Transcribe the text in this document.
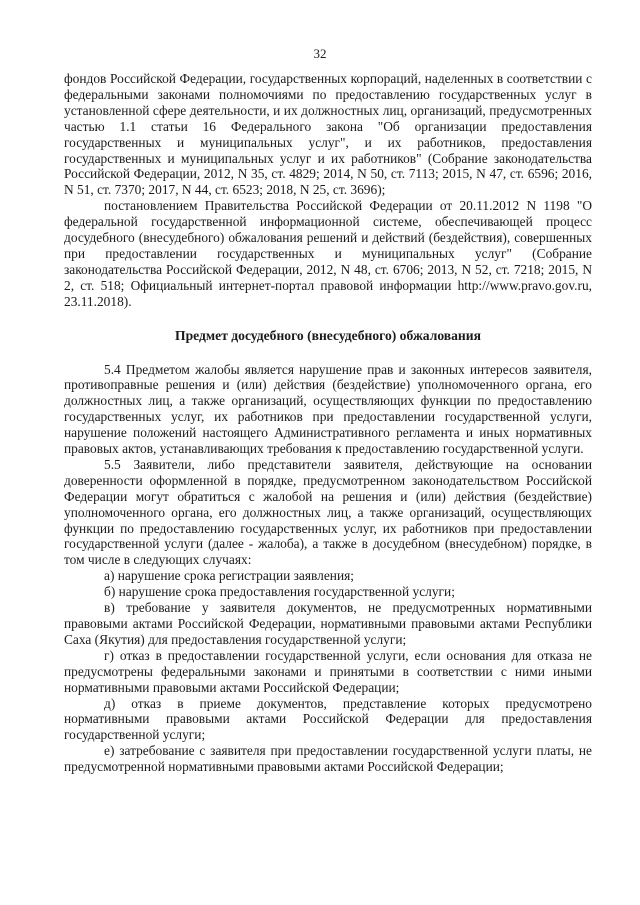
32

фондов Российской Федерации, государственных корпораций, наделенных в соответствии с федеральными законами полномочиями по предоставлению государственных услуг в установленной сфере деятельности, и их должностных лиц, организаций, предусмотренных частью 1.1 статьи 16 Федерального закона "Об организации предоставления государственных и муниципальных услуг", и их работников, предоставления государственных и муниципальных услуг и их работников" (Собрание законодательства Российской Федерации, 2012, N 35, ст. 4829; 2014, N 50, ст. 7113; 2015, N 47, ст. 6596; 2016, N 51, ст. 7370; 2017, N 44, ст. 6523; 2018, N 25, ст. 3696);

постановлением Правительства Российской Федерации от 20.11.2012 N 1198 "О федеральной государственной информационной системе, обеспечивающей процесс досудебного (внесудебного) обжалования решений и действий (бездействия), совершенных при предоставлении государственных и муниципальных услуг" (Собрание законодательства Российской Федерации, 2012, N 48, ст. 6706; 2013, N 52, ст. 7218; 2015, N 2, ст. 518; Официальный интернет-портал правовой информации http://www.pravo.gov.ru, 23.11.2018).

Предмет досудебного (внесудебного) обжалования

5.4 Предметом жалобы является нарушение прав и законных интересов заявителя, противоправные решения и (или) действия (бездействие) уполномоченного органа, его должностных лиц, а также организаций, осуществляющих функции по предоставлению государственных услуг, их работников при предоставлении государственной услуги, нарушение положений настоящего Административного регламента и иных нормативных правовых актов, устанавливающих требования к предоставлению государственной услуги.

5.5 Заявители, либо представители заявителя, действующие на основании доверенности оформленной в порядке, предусмотренном законодательством Российской Федерации могут обратиться с жалобой на решения и (или) действия (бездействие) уполномоченного органа, его должностных лиц, а также организаций, осуществляющих функции по предоставлению государственных услуг, их работников при предоставлении государственной услуги (далее - жалоба), а также в досудебном (внесудебном) порядке, в том числе в следующих случаях:

а) нарушение срока регистрации заявления;

б) нарушение срока предоставления государственной услуги;

в) требование у заявителя документов, не предусмотренных нормативными правовыми актами Российской Федерации, нормативными правовыми актами Республики Саха (Якутия) для предоставления государственной услуги;

г) отказ в предоставлении государственной услуги, если основания для отказа не предусмотрены федеральными законами и принятыми в соответствии с ними иными нормативными правовыми актами Российской Федерации;

д) отказ в приеме документов, представление которых предусмотрено нормативными правовыми актами Российской Федерации для предоставления государственной услуги;

е) затребование с заявителя при предоставлении государственной услуги платы, не предусмотренной нормативными правовыми актами Российской Федерации;
